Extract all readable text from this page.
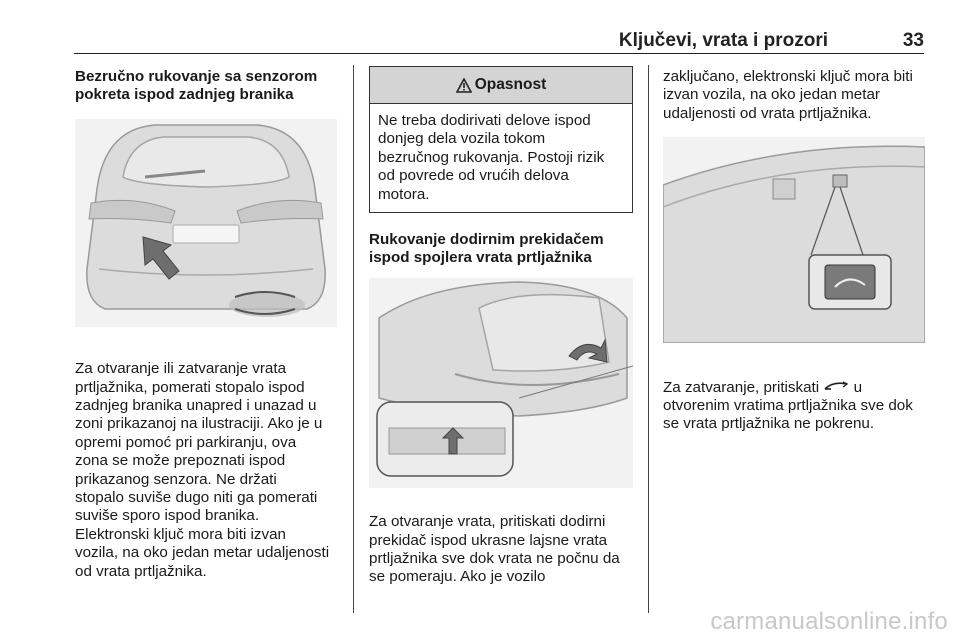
Ključevi, vrata i prozori	33

Bezručno rukovanje sa senzorom
pokreta ispod zadnjeg branika

Za otvaranje ili zatvaranje vrata
prtljažnika, pomerati stopalo ispod
zadnjeg branika unapred i unazad u
zoni prikazanoj na ilustraciji. Ako je u
opremi pomoć pri parkiranju, ova
zona se može prepoznati ispod
prikazanog senzora. Ne držati
stopalo suviše dugo niti ga pomerati
suviše sporo ispod branika.
Elektronski ključ mora biti izvan
vozila, na oko jedan metar udaljenosti
od vrata prtljažnika.

Opasnost
Ne treba dodirivati delove ispod
donjeg dela vozila tokom
bezručnog rukovanja. Postoji rizik
od povrede od vrućih delova
motora.

Rukovanje dodirnim prekidačem
ispod spojlera vrata prtljažnika

Za otvaranje vrata, pritiskati dodirni
prekidač ispod ukrasne lajsne vrata
prtljažnika sve dok vrata ne počnu da
se pomeraju. Ako je vozilo

zaključano, elektronski ključ mora biti
izvan vozila, na oko jedan metar
udaljenosti od vrata prtljažnika.

Za zatvaranje, pritiskati  u
otvorenim vratima prtljažnika sve dok
se vrata prtljažnika ne pokrenu.

carmanualsonline.info
